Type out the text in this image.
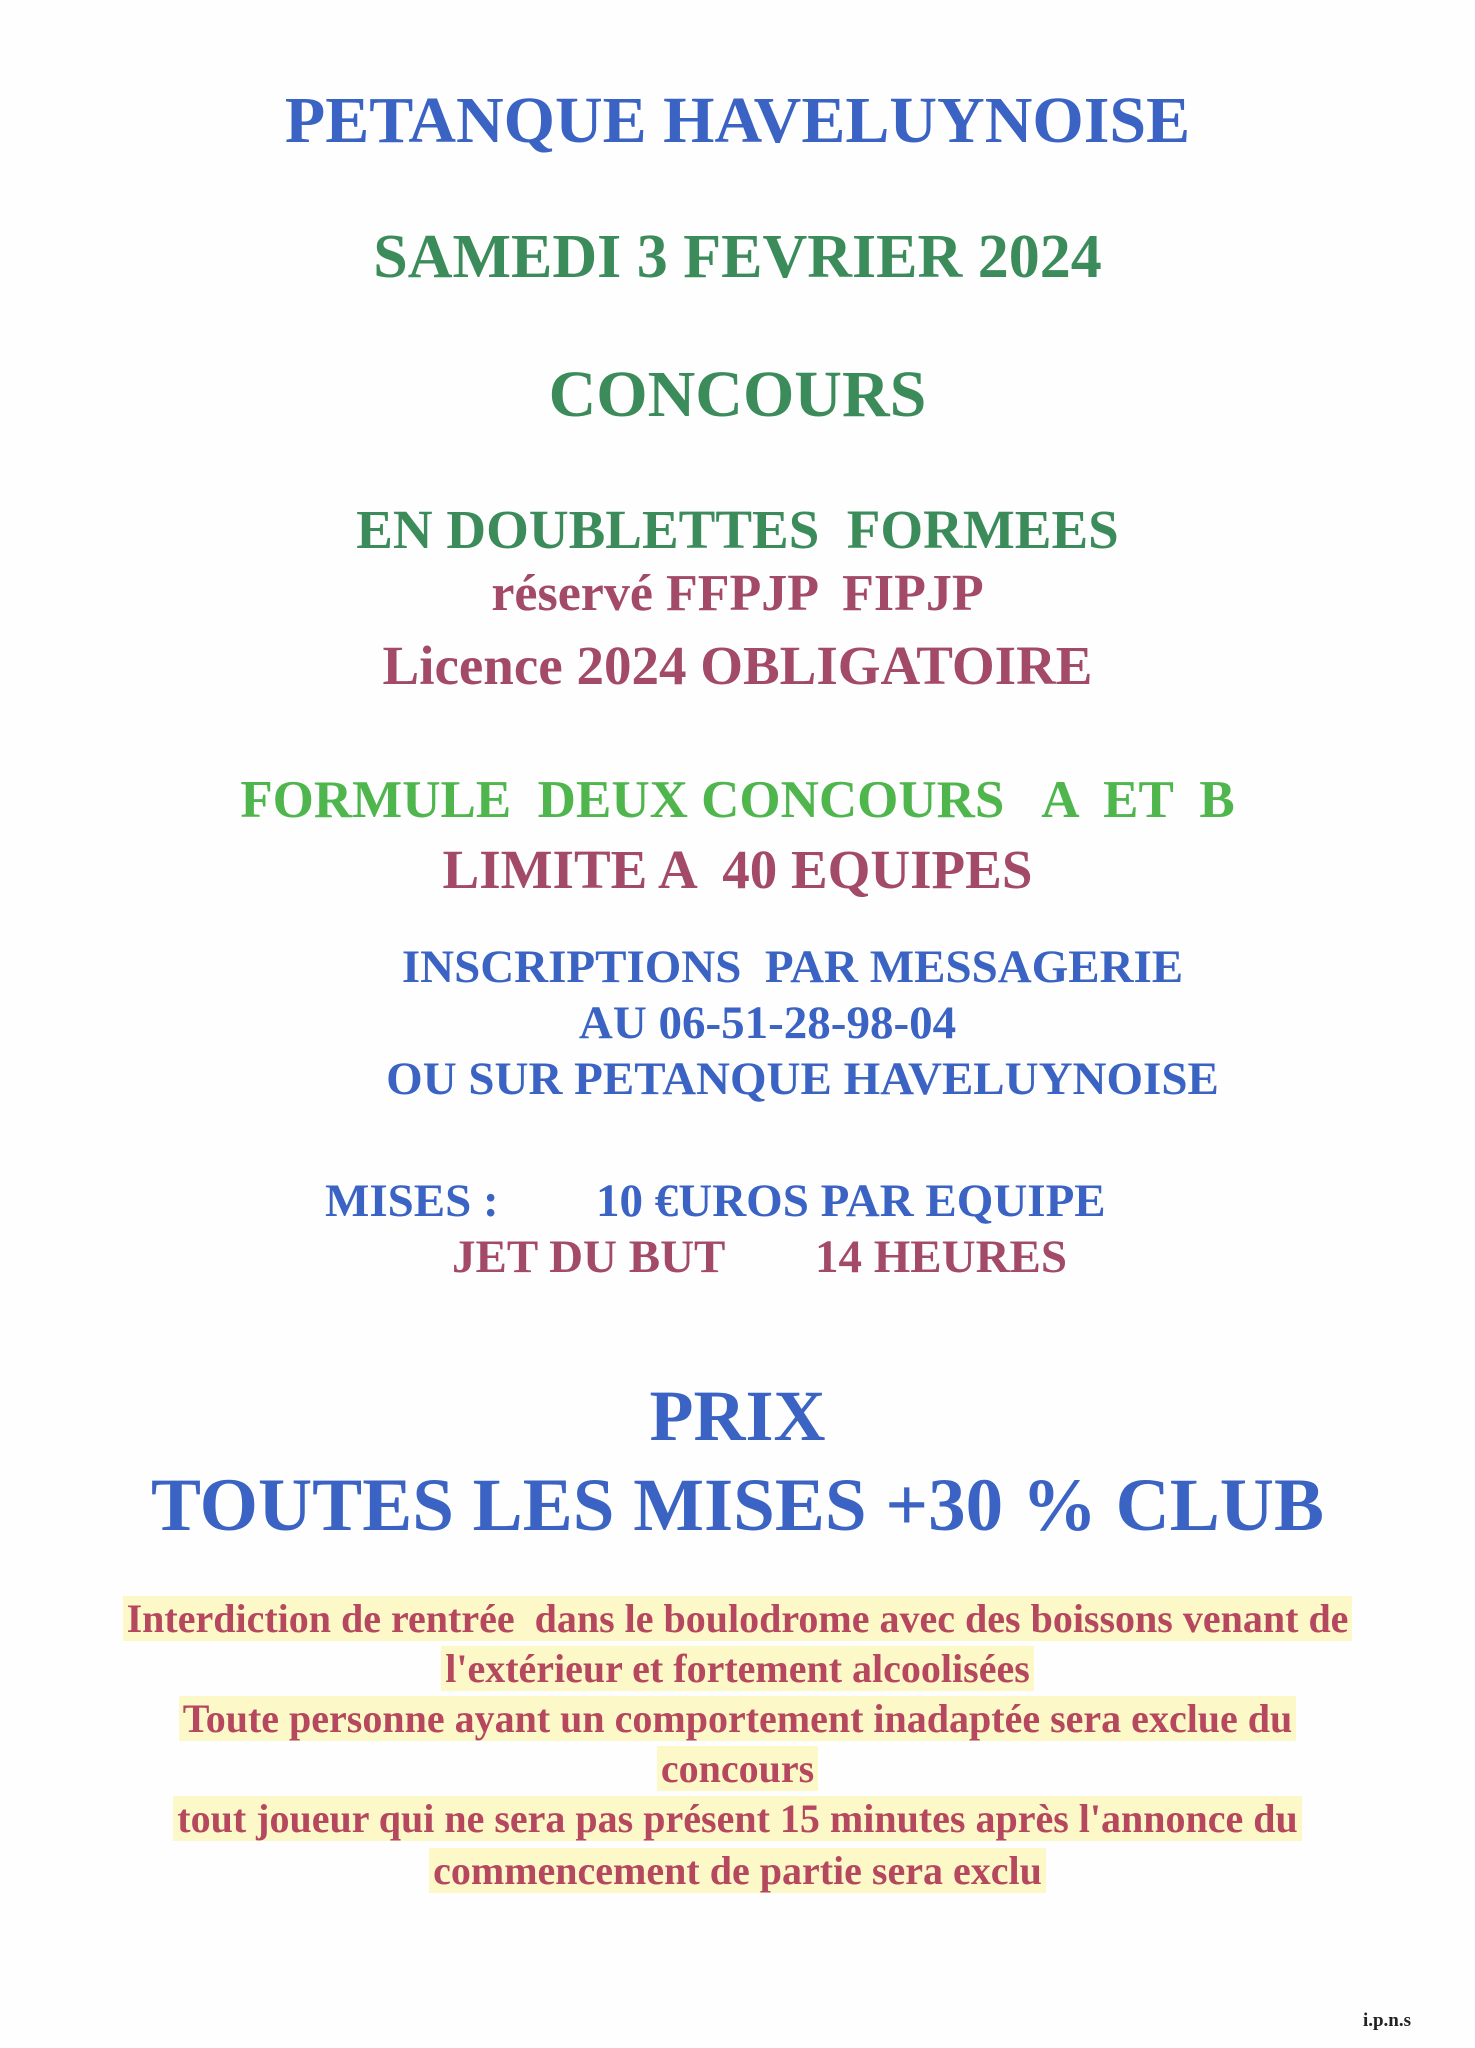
PETANQUE HAVELUYNOISE
SAMEDI 3 FEVRIER 2024
CONCOURS
EN DOUBLETTES  FORMEES
réservé FFPJP  FIPJP
Licence 2024 OBLIGATOIRE
FORMULE  DEUX CONCOURS   A  ET  B
LIMITE A  40 EQUIPES
INSCRIPTIONS  PAR MESSAGERIE
AU 06-51-28-98-04
OU SUR PETANQUE HAVELUYNOISE
MISES : 10 €UROS PAR EQUIPE
JET DU BUT 14 HEURES
PRIX
TOUTES LES MISES +30 % CLUB
Interdiction de rentrée  dans le boulodrome avec des boissons venant de
l'extérieur et fortement alcoolisées
Toute personne ayant un comportement inadaptée sera exclue du
concours
tout joueur qui ne sera pas présent 15 minutes après l'annonce du
commencement de partie sera exclu
i.p.n.s
